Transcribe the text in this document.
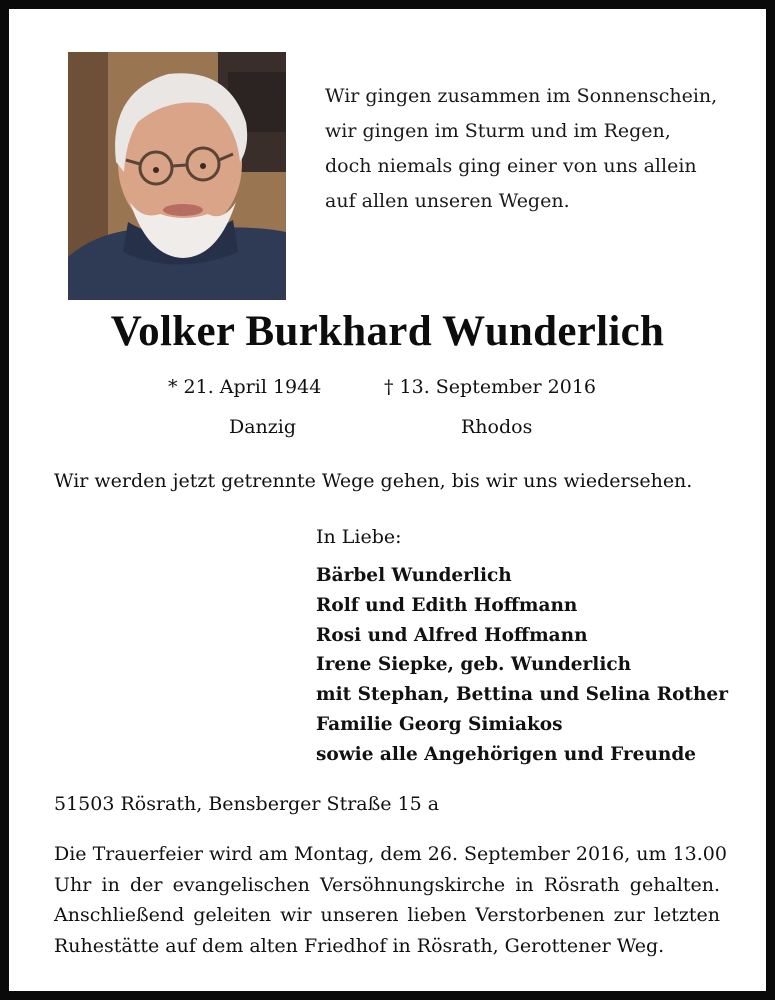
Wir gingen zusammen im Sonnenschein,
wir gingen im Sturm und im Regen,
doch niemals ging einer von uns allein
auf allen unseren Wegen.
Volker Burkhard Wunderlich
* 21. April 1944	† 13. September 2016
Danzig	Rhodos
Wir werden jetzt getrennte Wege gehen, bis wir uns wiedersehen.
In Liebe:
Bärbel Wunderlich
Rolf und Edith Hoffmann
Rosi und Alfred Hoffmann
Irene Siepke, geb. Wunderlich
mit Stephan, Bettina und Selina Rother
Familie Georg Simiakos
sowie alle Angehörigen und Freunde
51503 Rösrath, Bensberger Straße 15 a
Die Trauerfeier wird am Montag, dem 26. September 2016, um 13.00
Uhr in der evangelischen Versöhnungskirche in Rösrath gehalten.
Anschließend geleiten wir unseren lieben Verstorbenen zur letzten
Ruhestätte auf dem alten Friedhof in Rösrath, Gerottener Weg.
